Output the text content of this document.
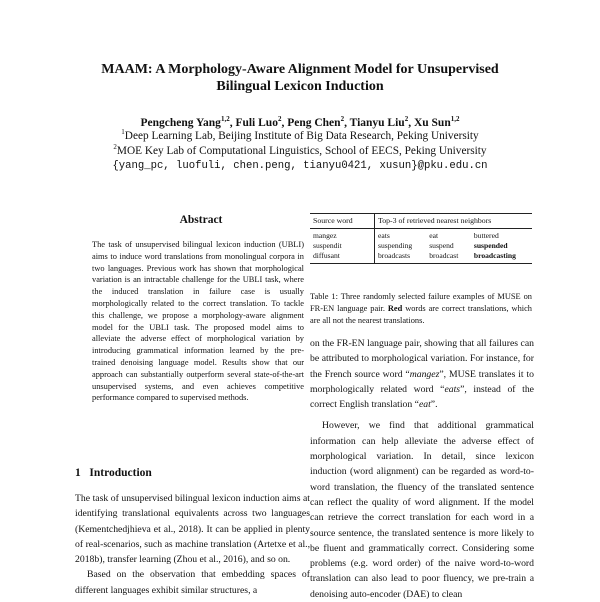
MAAM: A Morphology-Aware Alignment Model for Unsupervised
Bilingual Lexicon Induction
Pengcheng Yang$^{1,2}$, Fuli Luo$^2$, Peng Chen$^2$, Tianyu Liu$^2$, Xu Sun$^{1,2}$
$^1$Deep Learning Lab, Beijing Institute of Big Data Research, Peking University
$^2$MOE Key Lab of Computational Linguistics, School of EECS, Peking University
{yang_pc, luofuli, chen.peng, tianyu0421, xusun}@pku.edu.cn
Abstract
The task of unsupervised bilingual lexicon induction (UBLI) aims to induce word translations from monolingual corpora in two languages. Previous work has shown that morphological variation is an intractable challenge for the UBLI task, where the induced translation in failure case is usually morphologically related to the correct translation. To tackle this challenge, we propose a morphology-aware alignment model for the UBLI task. The proposed model aims to alleviate the adverse effect of morphological variation by introducing grammatical information learned by the pre-trained denoising language model. Results show that our approach can substantially outperform several state-of-the-art unsupervised systems, and even achieves competitive performance compared to supervised methods.
1   Introduction

The task of unsupervised bilingual lexicon induction aims at identifying translational equivalents across two languages (Kementchedjhieva et al., 2018). It can be applied in plenty of real-scenarios, such as machine translation (Artetxe et al., 2018b), transfer learning (Zhou et al., 2016), and so on.

Based on the observation that embedding spaces of different languages exhibit similar structures, a

Source word	Top-3 of retrieved nearest neighbors		
mangez	eats	eat	buttered
suspendit	suspending	suspend	suspended
diffusant	broadcasts	broadcast	broadcasting
Table 1: Three randomly selected failure examples of MUSE on FR-EN language pair. Red words are correct translations, which are all not the nearest translations.

on the FR-EN language pair, showing that all failures can be attributed to morphological variation. For instance, for the French source word “mangez”, MUSE translates it to morphologically related word “eats”, instead of the correct English translation “eat”.

However, we find that additional grammatical information can help alleviate the adverse effect of morphological variation. In detail, since lexicon induction (word alignment) can be regarded as word-to-word translation, the fluency of the translated sentence can reflect the quality of word alignment. If the model can retrieve the correct translation for each word in a source sentence, the translated sentence is more likely to be fluent and grammatically correct. Considering some problems (e.g. word order) of the naive word-to-word translation can also lead to poor fluency, we pre-train a denoising auto-encoder (DAE) to clean
